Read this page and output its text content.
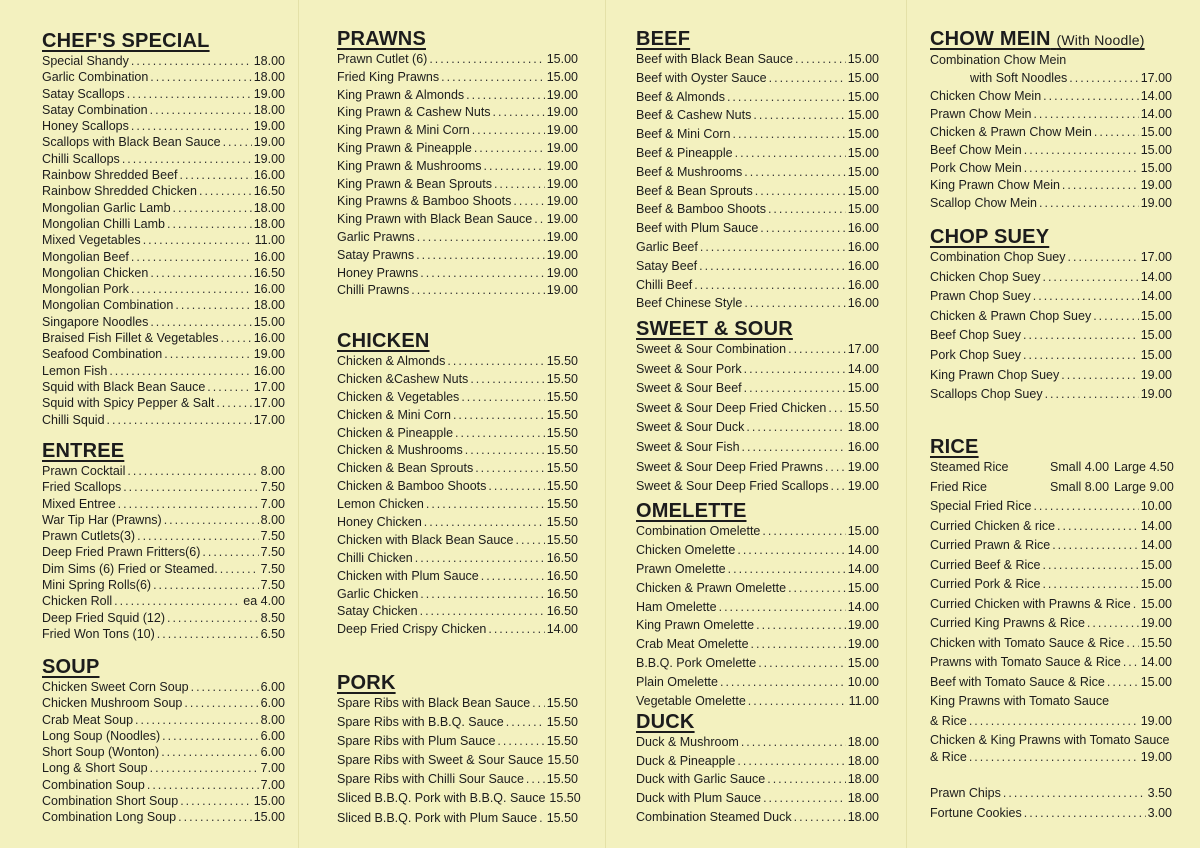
CHEF'S SPECIAL
Special Shandy .....	18.00
Garlic Combination .....	18.00
Satay Scallops .....	19.00
Satay Combination .....	18.00
Honey Scallops .....	19.00
Scallops with Black Bean Sauce .....	19.00
Chilli Scallops .....	19.00
Rainbow Shredded Beef .....	16.00
Rainbow Shredded Chicken .....	16.50
Mongolian Garlic Lamb .....	18.00
Mongolian Chilli Lamb .....	18.00
Mixed Vegetables .....	11.00
Mongolian Beef .....	16.00
Mongolian Chicken .....	16.50
Mongolian Pork .....	16.00
Mongolian Combination .....	18.00
Singapore Noodles .....	15.00
Braised Fish Fillet & Vegetables .....	16.00
Seafood Combination .....	19.00
Lemon Fish .....	16.00
Squid with Black Bean Sauce .....	17.00
Squid with Spicy Pepper & Salt .....	17.00
Chilli Squid .....	17.00
ENTREE
Prawn Cocktail .....	8.00
Fried Scallops .....	7.50
Mixed Entree .....	7.00
War Tip Har (Prawns) .....	8.00
Prawn Cutlets(3) .....	7.50
Deep Fried Prawn Fritters(6) .....	7.50
Dim Sims (6) Fried or Steamed. .....	7.50
Mini Spring Rolls(6) .....	7.50
Chicken Roll .....	ea 4.00
Deep Fried Squid (12) .....	8.50
Fried Won Tons (10) .....	6.50
SOUP
Chicken Sweet Corn Soup .....	6.00
Chicken Mushroom Soup .....	6.00
Crab Meat Soup .....	8.00
Long Soup (Noodles) .....	6.00
Short Soup (Wonton) .....	6.00
Long & Short Soup .....	7.00
Combination Soup .....	7.00
Combination Short Soup .....	15.00
Combination Long Soup .....	15.00
PRAWNS
Prawn Cutlet (6) .....	15.00
Fried King Prawns .....	15.00
King Prawn & Almonds .....	19.00
King Prawn & Cashew Nuts .....	19.00
King Prawn & Mini Corn .....	19.00
King Prawn & Pineapple .....	19.00
King Prawn & Mushrooms .....	19.00
King Prawn & Bean Sprouts .....	19.00
King Prawns & Bamboo Shoots .....	19.00
King Prawn with Black Bean Sauce ..... 19.00
Garlic Prawns .....	19.00
Satay Prawns .....	19.00
Honey Prawns .....	19.00
Chilli Prawns .....	19.00
CHICKEN
Chicken & Almonds .....	15.50
Chicken &Cashew Nuts .....	15.50
Chicken & Vegetables .....	15.50
Chicken & Mini Corn .....	15.50
Chicken & Pineapple .....	15.50
Chicken & Mushrooms .....	15.50
Chicken & Bean Sprouts .....	15.50
Chicken & Bamboo Shoots .....	15.50
Lemon Chicken .....	15.50
Honey Chicken .....	15.50
Chicken with Black Bean Sauce .....	15.50
Chilli Chicken .....	16.50
Chicken with Plum Sauce .....	16.50
Garlic Chicken .....	16.50
Satay Chicken .....	16.50
Deep Fried Crispy Chicken .....	14.00
PORK
Spare Ribs with Black Bean Sauce ..... 15.50
Spare Ribs with B.B.Q. Sauce .....	15.50
Spare Ribs with Plum Sauce .....	15.50
Spare Ribs with Sweet & Sour Sauce 15.50
Spare Ribs with Chilli Sour Sauce ..... 15.50
Sliced B.B.Q. Pork with B.B.Q. Sauce 15.50
Sliced B.B.Q. Pork with Plum Sauce ..... 15.50
BEEF
Beef with Black Bean Sauce .....	15.00
Beef with Oyster Sauce .....	15.00
Beef & Almonds .....	15.00
Beef & Cashew Nuts .....	15.00
Beef & Mini Corn .....	15.00
Beef & Pineapple .....	15.00
Beef & Mushrooms .....	15.00
Beef & Bean Sprouts .....	15.00
Beef & Bamboo Shoots .....	15.00
Beef with Plum Sauce .....	16.00
Garlic Beef .....	16.00
Satay Beef .....	16.00
Chilli Beef .....	16.00
Beef Chinese Style .....	16.00
SWEET & SOUR
Sweet & Sour Combination .....	17.00
Sweet & Sour Pork .....	14.00
Sweet & Sour Beef .....	15.00
Sweet & Sour Deep Fried Chicken ..... 15.50
Sweet & Sour Duck .....	18.00
Sweet & Sour Fish .....	16.00
Sweet & Sour Deep Fried Prawns ..... 19.00
Sweet & Sour Deep Fried Scallops ..... 19.00
OMELETTE
Combination Omelette .....	15.00
Chicken Omelette .....	14.00
Prawn Omelette .....	14.00
Chicken & Prawn Omelette .....	15.00
Ham Omelette .....	14.00
King Prawn Omelette .....	19.00
Crab Meat Omelette .....	19.00
B.B.Q. Pork Omelette .....	15.00
Plain Omelette .....	10.00
Vegetable Omelette .....	11.00
DUCK
Duck & Mushroom .....	18.00
Duck & Pineapple .....	18.00
Duck with Garlic Sauce .....	18.00
Duck with Plum Sauce .....	18.00
Combination Steamed Duck .....	18.00
CHOW MEIN (With Noodle)
Combination Chow Mein
with Soft Noodles .....	17.00
Chicken Chow Mein .....	14.00
Prawn Chow Mein .....	14.00
Chicken & Prawn Chow Mein .....	15.00
Beef Chow Mein .....	15.00
Pork Chow Mein .....	15.00
King Prawn Chow Mein .....	19.00
Scallop Chow Mein .....	19.00
CHOP SUEY
Combination Chop Suey .....	17.00
Chicken Chop Suey .....	14.00
Prawn Chop Suey .....	14.00
Chicken & Prawn Chop Suey .....	15.00
Beef Chop Suey .....	15.00
Pork Chop Suey .....	15.00
King Prawn Chop Suey .....	19.00
Scallops Chop Suey .....	19.00
RICE
Steamed Rice	Small 4.00 Large 4.50
Fried Rice	Small 8.00 Large 9.00
Special Fried Rice .....	10.00
Curried Chicken & rice .....	14.00
Curried Prawn & Rice .....	14.00
Curried Beef & Rice .....	15.00
Curried Pork & Rice .....	15.00
Curried Chicken with Prawns & Rice ..... 15.00
Curried King Prawns & Rice .....	19.00
Chicken with Tomato Sauce & Rice ..... 15.50
Prawns with Tomato Sauce & Rice ..... 14.00
Beef with Tomato Sauce & Rice .....	15.00
King Prawns with Tomato Sauce
& Rice .....	19.00
Chicken & King Prawns with Tomato Sauce
& Rice .....	19.00
Prawn Chips .....	3.50
Fortune Cookies .....	3.00
